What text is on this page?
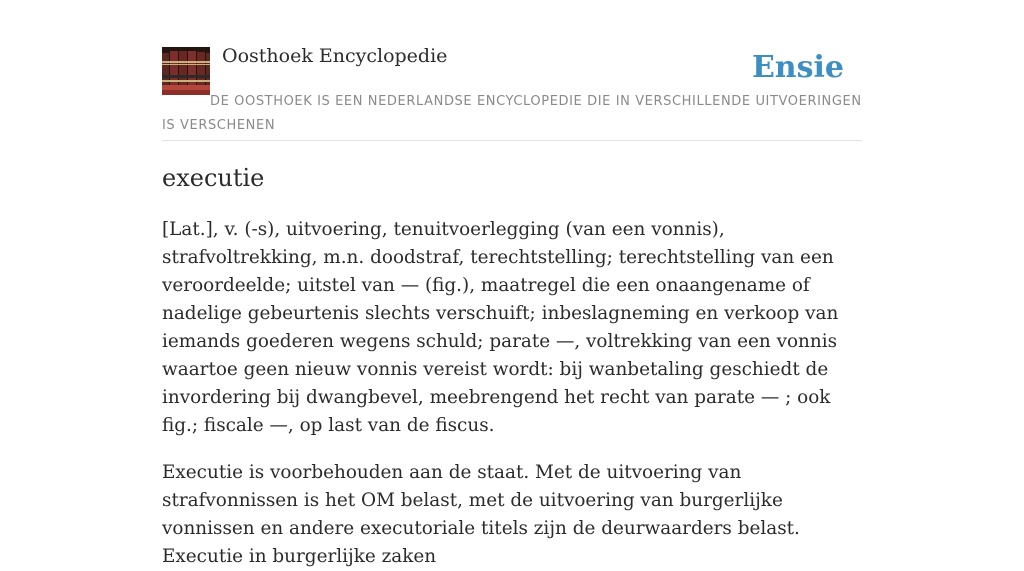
Oosthoek Encyclopedie	Ensie
DE OOSTHOEK IS EEN NEDERLANDSE ENCYCLOPEDIE DIE IN VERSCHILLENDE UITVOERINGEN IS VERSCHENEN
executie

[Lat.], v. (-s), uitvoering, tenuitvoerlegging (van een vonnis), strafvoltrekking, m.n. doodstraf, terechtstelling; terechtstelling van een veroordeelde; uitstel van — (fig.), maatregel die een onaangename of nadelige gebeurtenis slechts verschuift; inbeslagneming en verkoop van iemands goederen wegens schuld; parate —, voltrekking van een vonnis waartoe geen nieuw vonnis vereist wordt: bij wanbetaling geschiedt de invordering bij dwangbevel, meebrengend het recht van parate — ; ook fig.; fiscale —, op last van de fiscus.

Executie is voorbehouden aan de staat. Met de uitvoering van strafvonnissen is het OM belast, met de uitvoering van burgerlijke vonnissen en andere executoriale titels zijn de deurwaarders belast. Executie in burgerlijke zaken
